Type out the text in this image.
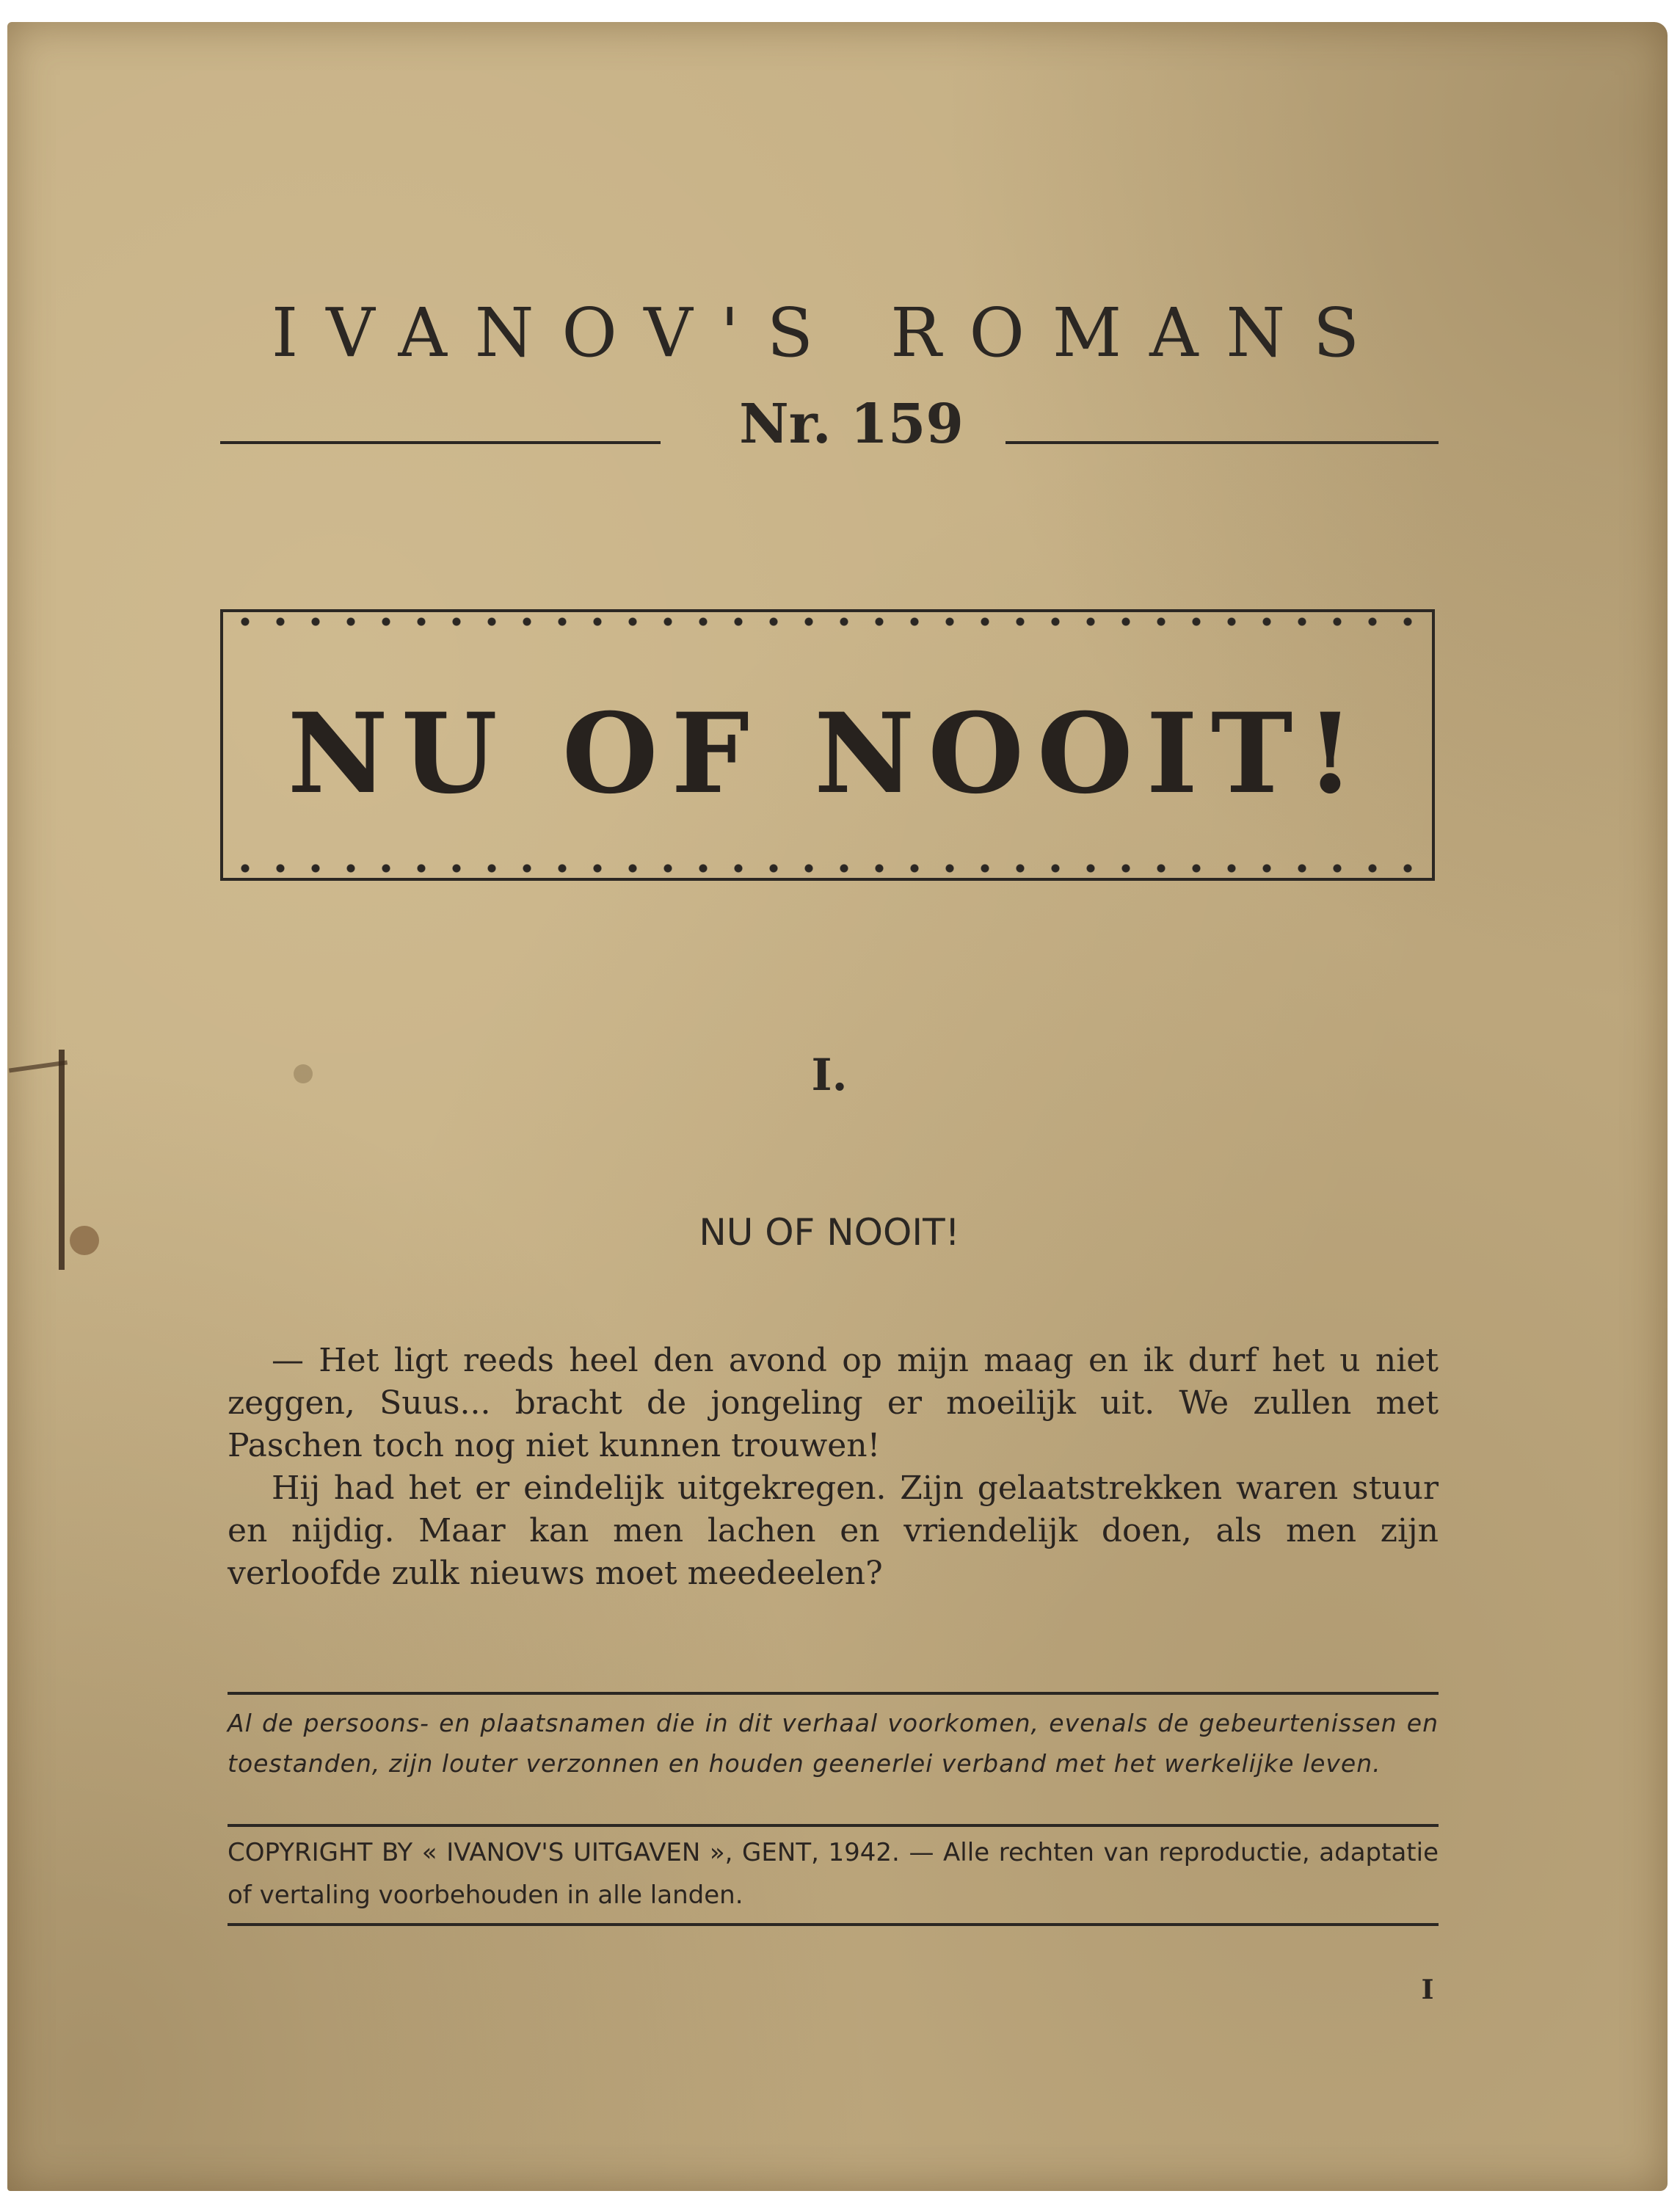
IVANOV'S ROMANS
Nr. 159
NU OF NOOIT!
I.
NU OF NOOIT!

— Het ligt reeds heel den avond op mijn maag en ik durf het u niet zeggen, Suus... bracht de jongeling er moeilijk uit. We zullen met Paschen toch nog niet kunnen trouwen!

Hij had het er eindelijk uitgekregen. Zijn gelaatstrekken waren stuur en nijdig. Maar kan men lachen en vriendelijk doen, als men zijn verloofde zulk nieuws moet meedeelen?

Al de persoons- en plaatsnamen die in dit verhaal voorkomen, evenals de gebeurtenissen en toestanden, zijn louter verzonnen en houden geenerlei verband met het werkelijke leven.
COPYRIGHT BY « IVANOV'S UITGAVEN », GENT, 1942. — Alle rechten van reproductie, adaptatie of vertaling voorbehouden in alle landen.
I
